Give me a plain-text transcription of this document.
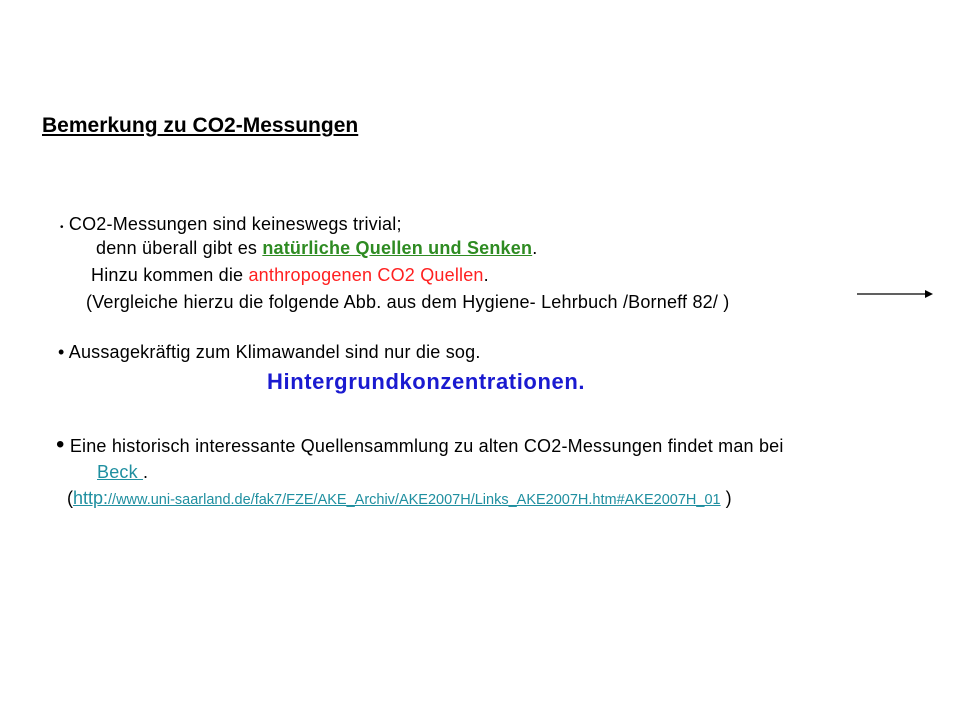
Bemerkung zu CO2-Messungen
• CO2-Messungen sind keineswegs trivial;
denn überall gibt es natürliche Quellen und Senken.
Hinzu kommen die anthropogenen CO2 Quellen.
(Vergleiche hierzu die folgende Abb. aus dem Hygiene- Lehrbuch /Borneff 82/ )
• Aussagekräftig zum Klimawandel sind nur die sog.
Hintergrundkonzentrationen.
• Eine historisch interessante Quellensammlung zu alten CO2-Messungen findet man bei
Beck .
(http://www.uni-saarland.de/fak7/FZE/AKE_Archiv/AKE2007H/Links_AKE2007H.htm#AKE2007H_01 )
